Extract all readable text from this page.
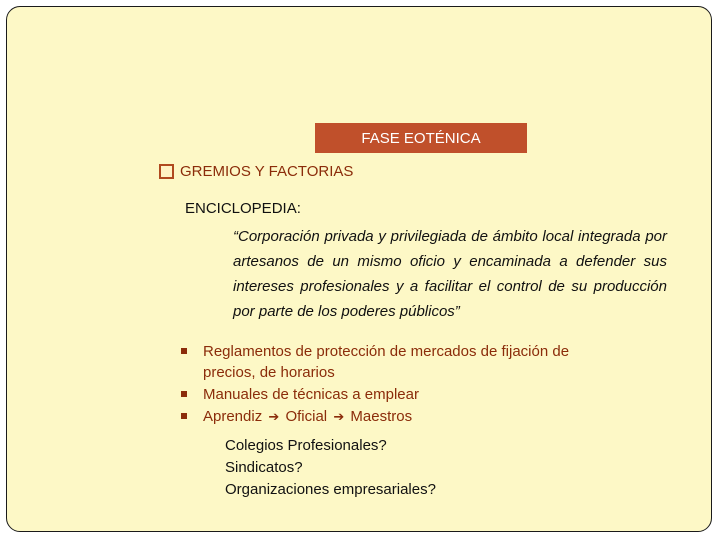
FASE EOTÉNICA
GREMIOS Y FACTORIAS
ENCICLOPEDIA:
“Corporación privada y privilegiada de ámbito local integrada por artesanos de un mismo oficio y encaminada a defender sus intereses profesionales y a facilitar el control de su producción por parte de los poderes públicos”
Reglamentos de protección de mercados de fijación de precios, de horarios
Manuales de técnicas a emplear
Aprendiz ➔ Oficial ➔ Maestros
Colegios Profesionales?
Sindicatos?
Organizaciones empresariales?
